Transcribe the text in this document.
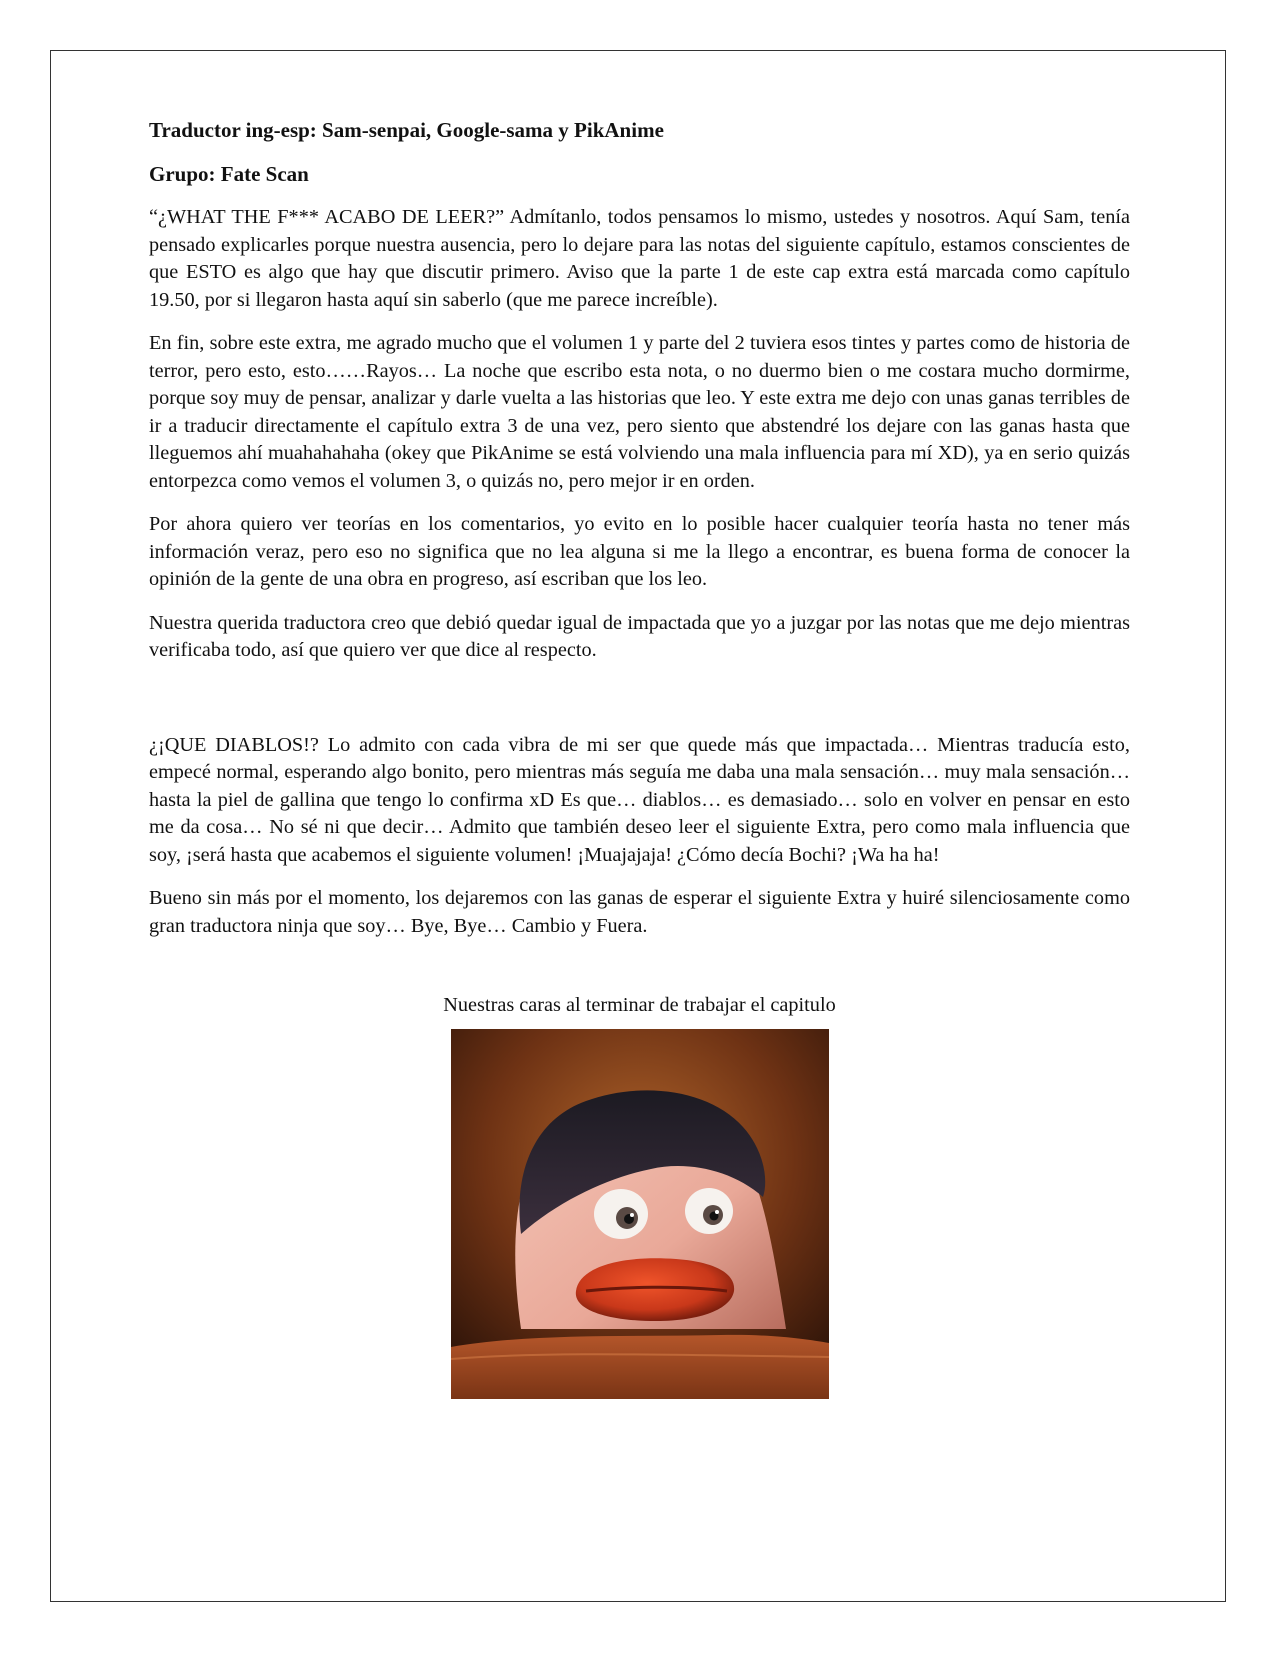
Traductor ing-esp: Sam-senpai, Google-sama y PikAnime

Grupo: Fate Scan

“¿WHAT THE F*** ACABO DE LEER?” Admítanlo, todos pensamos lo mismo, ustedes y nosotros. Aquí Sam, tenía pensado explicarles porque nuestra ausencia, pero lo dejare para las notas del siguiente capítulo, estamos conscientes de que ESTO es algo que hay que discutir primero. Aviso que la parte 1 de este cap extra está marcada como capítulo 19.50, por si llegaron hasta aquí sin saberlo (que me parece increíble).

En fin, sobre este extra, me agrado mucho que el volumen 1 y parte del 2 tuviera esos tintes y partes como de historia de terror, pero esto, esto……Rayos… La noche que escribo esta nota, o no duermo bien o me costara mucho dormirme, porque soy muy de pensar, analizar y darle vuelta a las historias que leo. Y este extra me dejo con unas ganas terribles de ir a traducir directamente el capítulo extra 3 de una vez, pero siento que abstendré los dejare con las ganas hasta que lleguemos ahí muahahahaha (okey que PikAnime se está volviendo una mala influencia para mí XD), ya en serio quizás entorpezca como vemos el volumen 3, o quizás no, pero mejor ir en orden.

Por ahora quiero ver teorías en los comentarios, yo evito en lo posible hacer cualquier teoría hasta no tener más información veraz, pero eso no significa que no lea alguna si me la llego a encontrar, es buena forma de conocer la opinión de la gente de una obra en progreso, así escriban que los leo.

Nuestra querida traductora creo que debió quedar igual de impactada que yo a juzgar por las notas que me dejo mientras verificaba todo, así que quiero ver que dice al respecto.

¿¡QUE DIABLOS!? Lo admito con cada vibra de mi ser que quede más que impactada… Mientras traducía esto, empecé normal, esperando algo bonito, pero mientras más seguía me daba una mala sensación… muy mala sensación… hasta la piel de gallina que tengo lo confirma xD Es que… diablos… es demasiado… solo en volver en pensar en esto me da cosa… No sé ni que decir… Admito que también deseo leer el siguiente Extra, pero como mala influencia que soy, ¡será hasta que acabemos el siguiente volumen! ¡Muajajaja! ¿Cómo decía Bochi? ¡Wa ha ha!

Bueno sin más por el momento, los dejaremos con las ganas de esperar el siguiente Extra y huiré silenciosamente como gran traductora ninja que soy… Bye, Bye… Cambio y Fuera.

Nuestras caras al terminar de trabajar el capitulo
